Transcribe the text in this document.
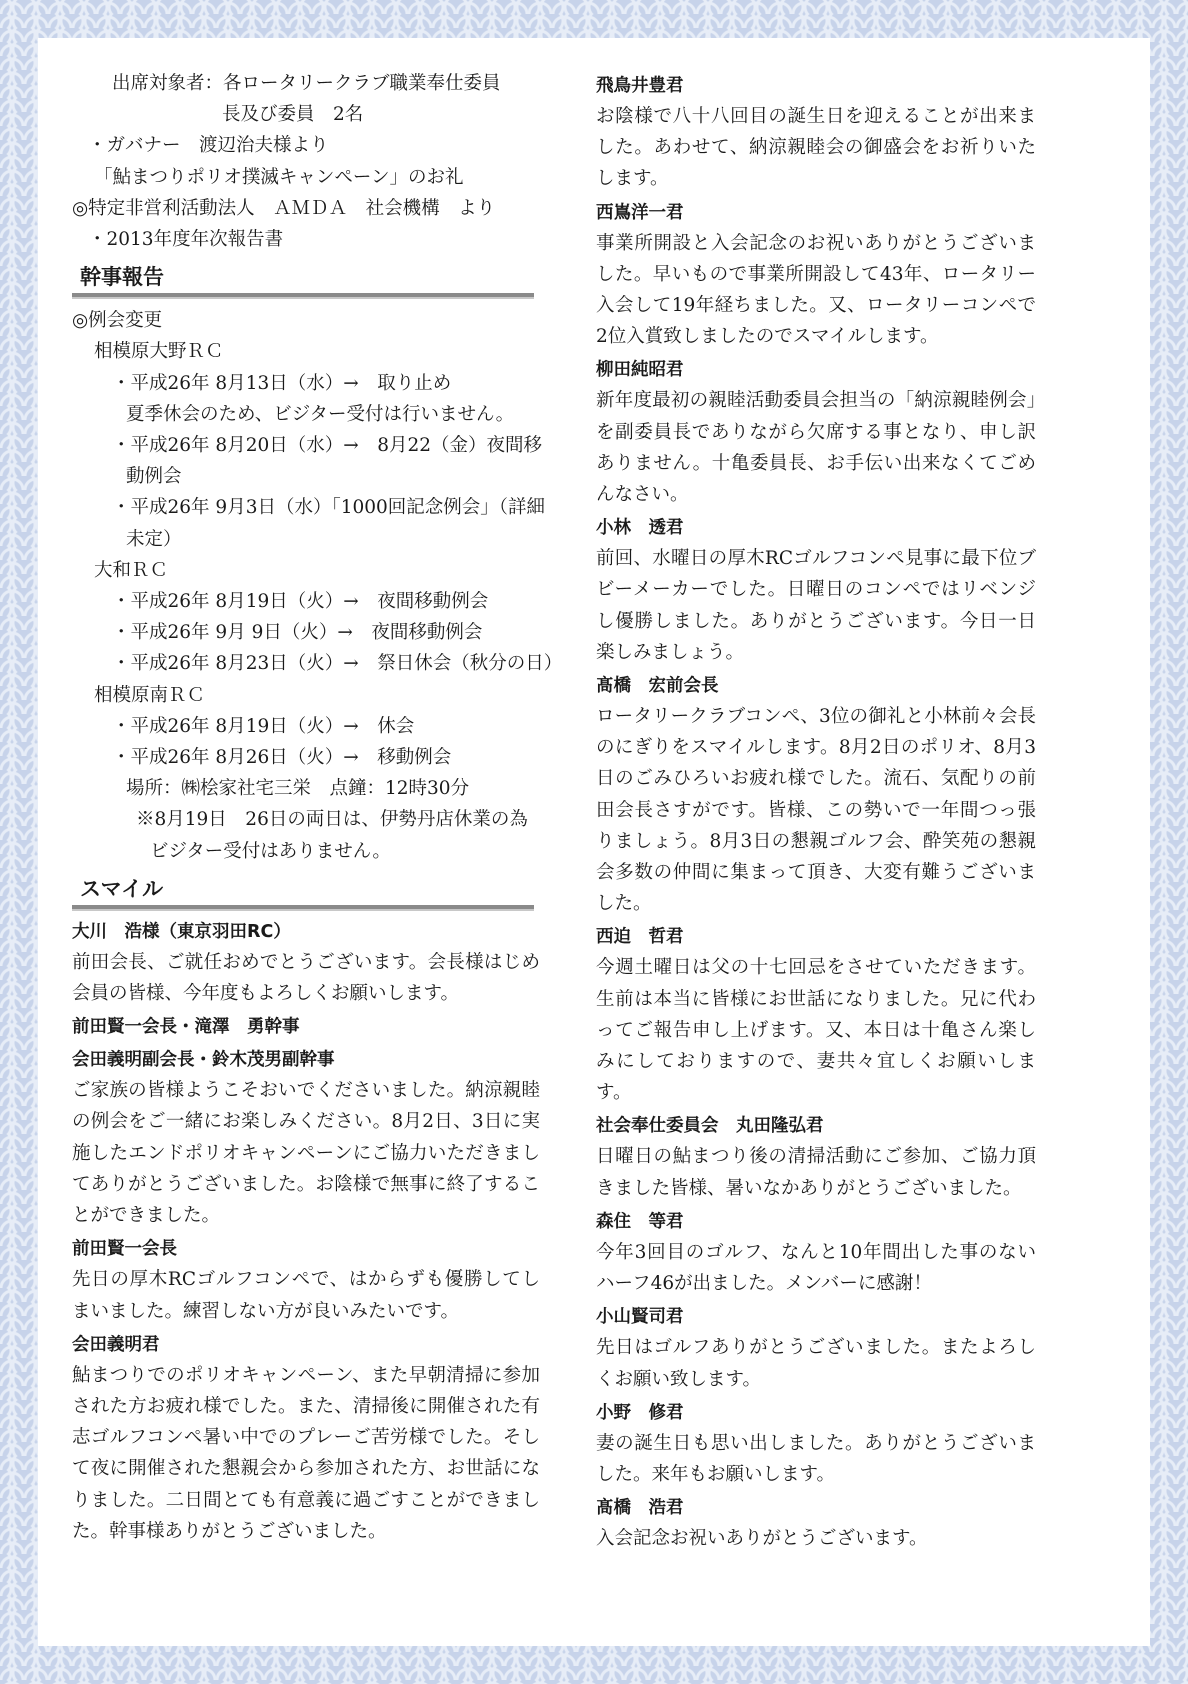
出席対象者：各ロータリークラブ職業奉仕委員
長及び委員　2名
・ガバナー　渡辺治夫様より
「鮎まつりポリオ撲滅キャンペーン」のお礼
◎特定非営利活動法人　ＡＭＤＡ　社会機構　より
・2013年度年次報告書
幹事報告
◎例会変更
相模原大野ＲＣ
・平成26年 8月13日（水）→　取り止め
夏季休会のため、ビジター受付は行いません。
・平成26年 8月20日（水）→　8月22（金）夜間移
動例会
・平成26年 9月3日（水）「1000回記念例会」（詳細
未定）
大和ＲＣ
・平成26年 8月19日（火）→　夜間移動例会
・平成26年 9月 9日（火）→　夜間移動例会
・平成26年 8月23日（火）→　祭日休会（秋分の日）
相模原南ＲＣ
・平成26年 8月19日（火）→　休会
・平成26年 8月26日（火）→　移動例会
場所：㈱桧家社宅三栄　点鐘：12時30分
※8月19日　26日の両日は、伊勢丹店休業の為
ビジター受付はありません。
スマイル
大川　浩様（東京羽田RC）
前田会長、ご就任おめでとうございます。会長様はじめ会員の皆様、今年度もよろしくお願いします。
前田賢一会長・滝澤　勇幹事
会田義明副会長・鈴木茂男副幹事
ご家族の皆様ようこそおいでくださいました。納涼親睦の例会をご一緒にお楽しみください。8月2日、3日に実施したエンドポリオキャンペーンにご協力いただきましてありがとうございました。お陰様で無事に終了することができました。
前田賢一会長
先日の厚木RCゴルフコンペで、はからずも優勝してしまいました。練習しない方が良いみたいです。
会田義明君
鮎まつりでのポリオキャンペーン、また早朝清掃に参加された方お疲れ様でした。また、清掃後に開催された有志ゴルフコンペ暑い中でのプレーご苦労様でした。そして夜に開催された懇親会から参加された方、お世話になりました。二日間とても有意義に過ごすことができました。幹事様ありがとうございました。
飛鳥井豊君
お陰様で八十八回目の誕生日を迎えることが出来ました。あわせて、納涼親睦会の御盛会をお祈りいたします。
西嶌洋一君
事業所開設と入会記念のお祝いありがとうございました。早いもので事業所開設して43年、ロータリー入会して19年経ちました。又、ロータリーコンペで2位入賞致しましたのでスマイルします。
柳田純昭君
新年度最初の親睦活動委員会担当の「納涼親睦例会」を副委員長でありながら欠席する事となり、申し訳ありません。十亀委員長、お手伝い出来なくてごめんなさい。
小林　透君
前回、水曜日の厚木RCゴルフコンペ見事に最下位ブビーメーカーでした。日曜日のコンペではリベンジし優勝しました。ありがとうございます。今日一日楽しみましょう。
髙橋　宏前会長
ロータリークラブコンペ、3位の御礼と小林前々会長のにぎりをスマイルします。8月2日のポリオ、8月3日のごみひろいお疲れ様でした。流石、気配りの前田会長さすがです。皆様、この勢いで一年間つっ張りましょう。8月3日の懇親ゴルフ会、酔笑苑の懇親会多数の仲間に集まって頂き、大変有難うございました。
西迫　哲君
今週土曜日は父の十七回忌をさせていただきます。生前は本当に皆様にお世話になりました。兄に代わってご報告申し上げます。又、本日は十亀さん楽しみにしておりますので、妻共々宜しくお願いします。
社会奉仕委員会　丸田隆弘君
日曜日の鮎まつり後の清掃活動にご参加、ご協力頂きました皆様、暑いなかありがとうございました。
森住　等君
今年3回目のゴルフ、なんと10年間出した事のないハーフ46が出ました。メンバーに感謝！
小山賢司君
先日はゴルフありがとうございました。またよろしくお願い致します。
小野　修君
妻の誕生日も思い出しました。ありがとうございました。来年もお願いします。
髙橋　浩君
入会記念お祝いありがとうございます。
